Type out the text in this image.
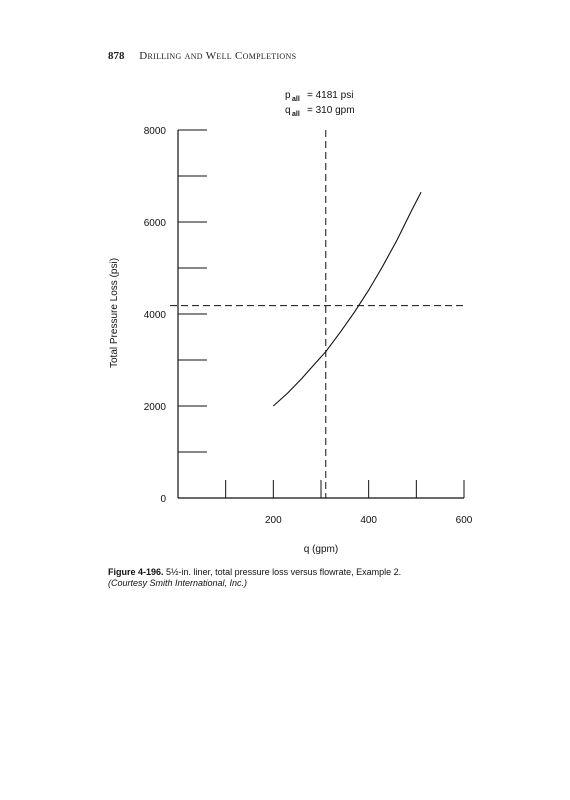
878 Drilling and Well Completions
p all = 4181 psi
q all = 310 gpm
200	400	600
0
2000
4000
6000
8000
q (gpm)
Total Pressure Loss (psi)
Figure 4-196. 5½-in. liner, total pressure loss versus flowrate, Example 2.
(Courtesy Smith International, Inc.)
